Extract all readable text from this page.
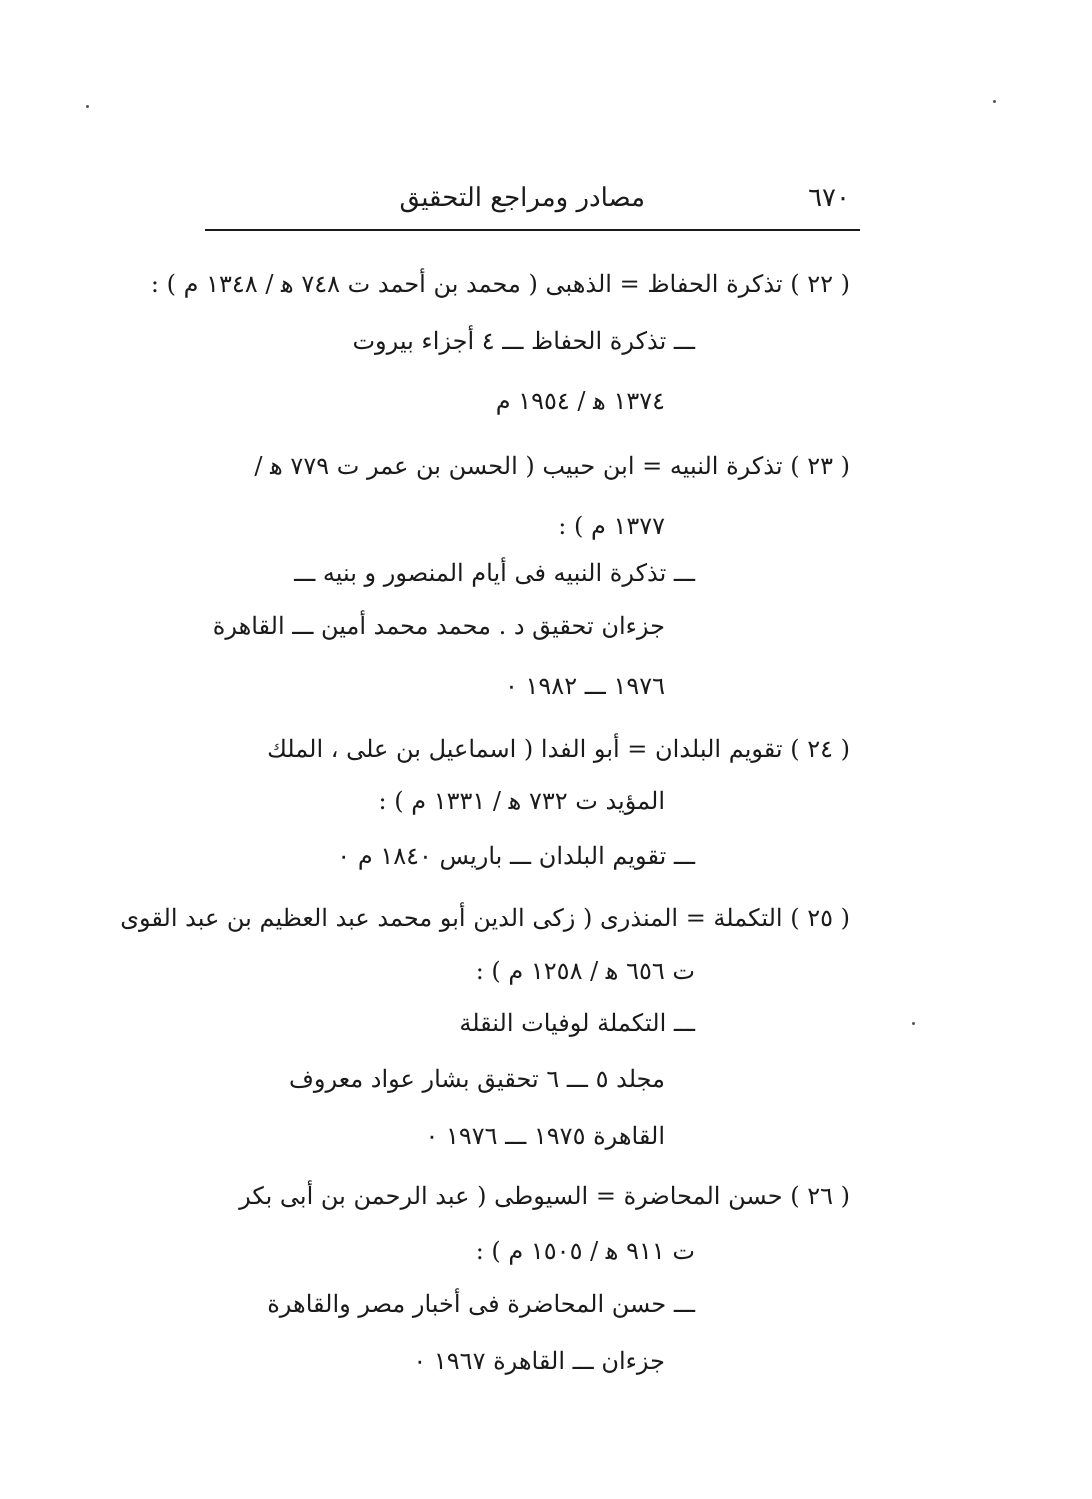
٦٧٠
مصادر ومراجع التحقيق
( ٢٢ ) تذكرة الحفاظ = الذهبى ( محمد بن أحمد ت ٧٤٨ ﻫ / ١٣٤٨ م ) :
ـــ تذكرة الحفاظ ـــ ٤ أجزاء بيروت
١٣٧٤ ﻫ / ١٩٥٤ م
( ٢٣ ) تذكرة النبيه = ابن حبيب ( الحسن بن عمر ت ٧٧٩ ﻫ /
١٣٧٧ م ) :
ـــ تذكرة النبيه فى أيام المنصور و بنيه ـــ
جزءان تحقيق د . محمد محمد أمين ـــ القاهرة
١٩٧٦ ـــ ١٩٨٢ ٠
( ٢٤ ) تقويم البلدان = أبو الفدا ( اسماعيل بن على ، الملك
المؤيد ت ٧٣٢ ﻫ / ١٣٣١ م ) :
ـــ تقويم البلدان ـــ باريس ١٨٤٠ م ٠
( ٢٥ ) التكملة = المنذرى ( زكى الدين أبو محمد عبد العظيم بن عبد القوى
ت ٦٥٦ ﻫ / ١٢٥٨ م ) :
ـــ التكملة لوفيات النقلة
مجلد ٥ ـــ ٦ تحقيق بشار عواد معروف
القاهرة ١٩٧٥ ـــ ١٩٧٦ ٠
( ٢٦ ) حسن المحاضرة = السيوطى ( عبد الرحمن بن أبى بكر
ت ٩١١ ﻫ / ١٥٠٥ م ) :
ـــ حسن المحاضرة فى أخبار مصر والقاهرة
جزءان ـــ القاهرة ١٩٦٧ ٠
